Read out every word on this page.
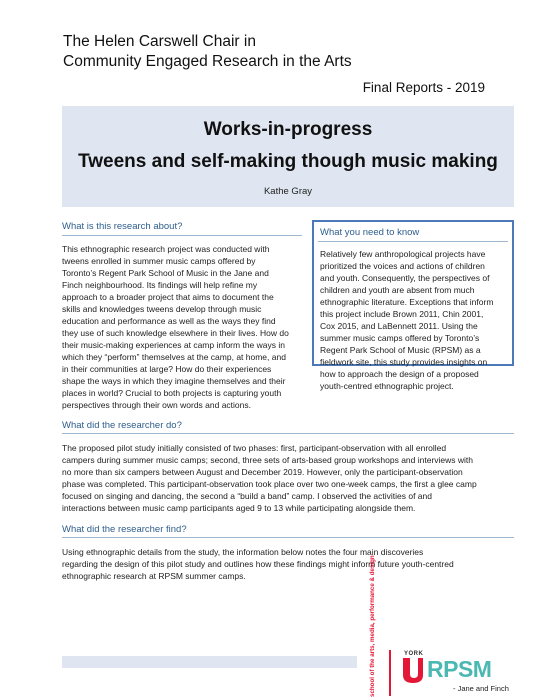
The Helen Carswell Chair in
Community Engaged Research in the Arts
Final Reports - 2019
Works-in-progress
Tweens and self-making though music making
Kathe Gray
What is this research about?
This ethnographic research project was conducted with
tweens enrolled in summer music camps offered by
Toronto’s Regent Park School of Music in the Jane and
Finch neighbourhood. Its findings will help refine my
approach to a broader project that aims to document the
skills and knowledges tweens develop through music
education and performance as well as the ways they find
they use of such knowledge elsewhere in their lives. How do
their music-making experiences at camp inform the ways in
which they “perform” themselves at the camp, at home, and
in their communities at large? How do their experiences
shape the ways in which they imagine themselves and their
places in world? Crucial to both projects is capturing youth
perspectives through their own words and actions.
What you need to know
Relatively few anthropological projects have
prioritized the voices and actions of children
and youth. Consequently, the perspectives of
children and youth are absent from much
ethnographic literature. Exceptions that inform
this project include Brown 2011, Chin 2001,
Cox 2015, and LaBennett 2011. Using the
summer music camps offered by Toronto’s
Regent Park School of Music (RPSM) as a
fieldwork site, this study provides insights on
how to approach the design of a proposed
youth-centred ethnographic project.
What did the researcher do?
The proposed pilot study initially consisted of two phases: first, participant-observation with all enrolled
campers during summer music camps; second, three sets of arts-based group workshops and interviews with
no more than six campers between August and December 2019. However, only the participant-observation
phase was completed. This participant-observation took place over two one-week camps, the first a glee camp
focused on singing and dancing, the second a “build a band” camp. I observed the activities of and
interactions between music camp participants aged 9 to 13 while participating alongside them.
What did the researcher find?
Using ethnographic details from the study, the information below notes the four main discoveries
regarding the design of this pilot study and outlines how these findings might inform future youth-centred
ethnographic research at RPSM summer camps.	school of the arts, media, performance & design	YORK
RPSM
- Jane and Finch
